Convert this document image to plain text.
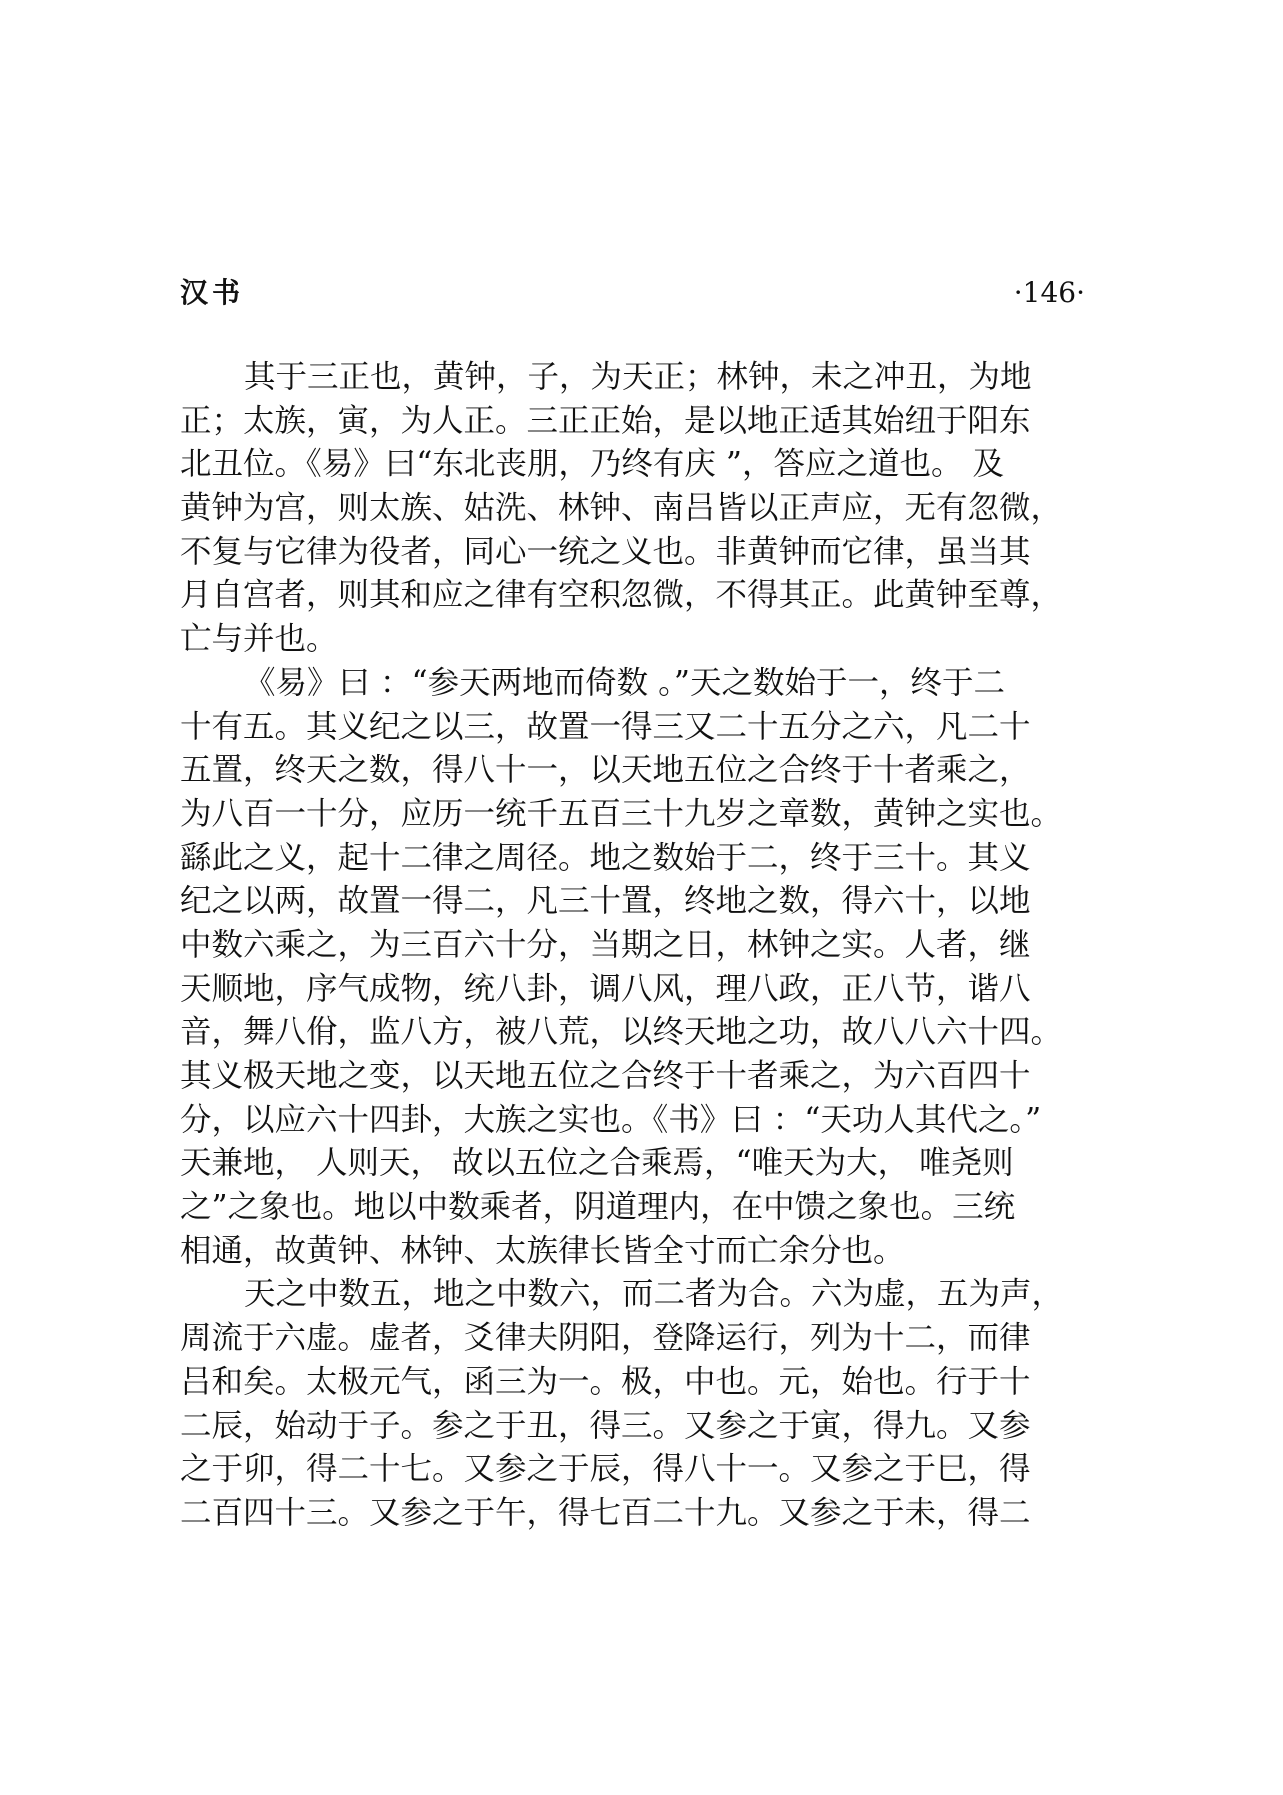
汉书	·146·
其于三正也，黄钟，子，为天正；林钟，未之冲丑，为地
正；太族，寅，为人正。三正正始，是以地正适其始纽于阳东
北丑位。《易》曰“东北丧朋，乃终有庆 ”，答应之道也。 及
黄钟为宫，则太族、姑洗、林钟、南吕皆以正声应，无有忽微，
不复与它律为役者，同心一统之义也。非黄钟而它律，虽当其
月自宫者，则其和应之律有空积忽微，不得其正。此黄钟至尊，
亡与并也。
《易》曰 ：“参天两地而倚数 。”天之数始于一，终于二
十有五。其义纪之以三，故置一得三又二十五分之六，凡二十
五置，终天之数，得八十一，以天地五位之合终于十者乘之，
为八百一十分，应历一统千五百三十九岁之章数，黄钟之实也。
繇此之义，起十二律之周径。地之数始于二，终于三十。其义
纪之以两，故置一得二，凡三十置，终地之数，得六十，以地
中数六乘之，为三百六十分，当期之日，林钟之实。人者，继
天顺地，序气成物，统八卦，调八风，理八政，正八节，谐八
音，舞八佾，监八方，被八荒，以终天地之功，故八八六十四。
其义极天地之变，以天地五位之合终于十者乘之，为六百四十
分，以应六十四卦，大族之实也。《书》曰 ：“天功人其代之。”
天兼地， 人则天， 故以五位之合乘焉，“唯天为大， 唯尧则
之”之象也。地以中数乘者，阴道理内，在中馈之象也。三统
相通，故黄钟、林钟、太族律长皆全寸而亡余分也。
天之中数五，地之中数六，而二者为合。六为虚，五为声，
周流于六虚。虚者，爻律夫阴阳，登降运行，列为十二，而律
吕和矣。太极元气，函三为一。极，中也。元，始也。行于十
二辰，始动于子。参之于丑，得三。又参之于寅，得九。又参
之于卯，得二十七。又参之于辰，得八十一。又参之于巳，得
二百四十三。又参之于午，得七百二十九。又参之于未，得二
